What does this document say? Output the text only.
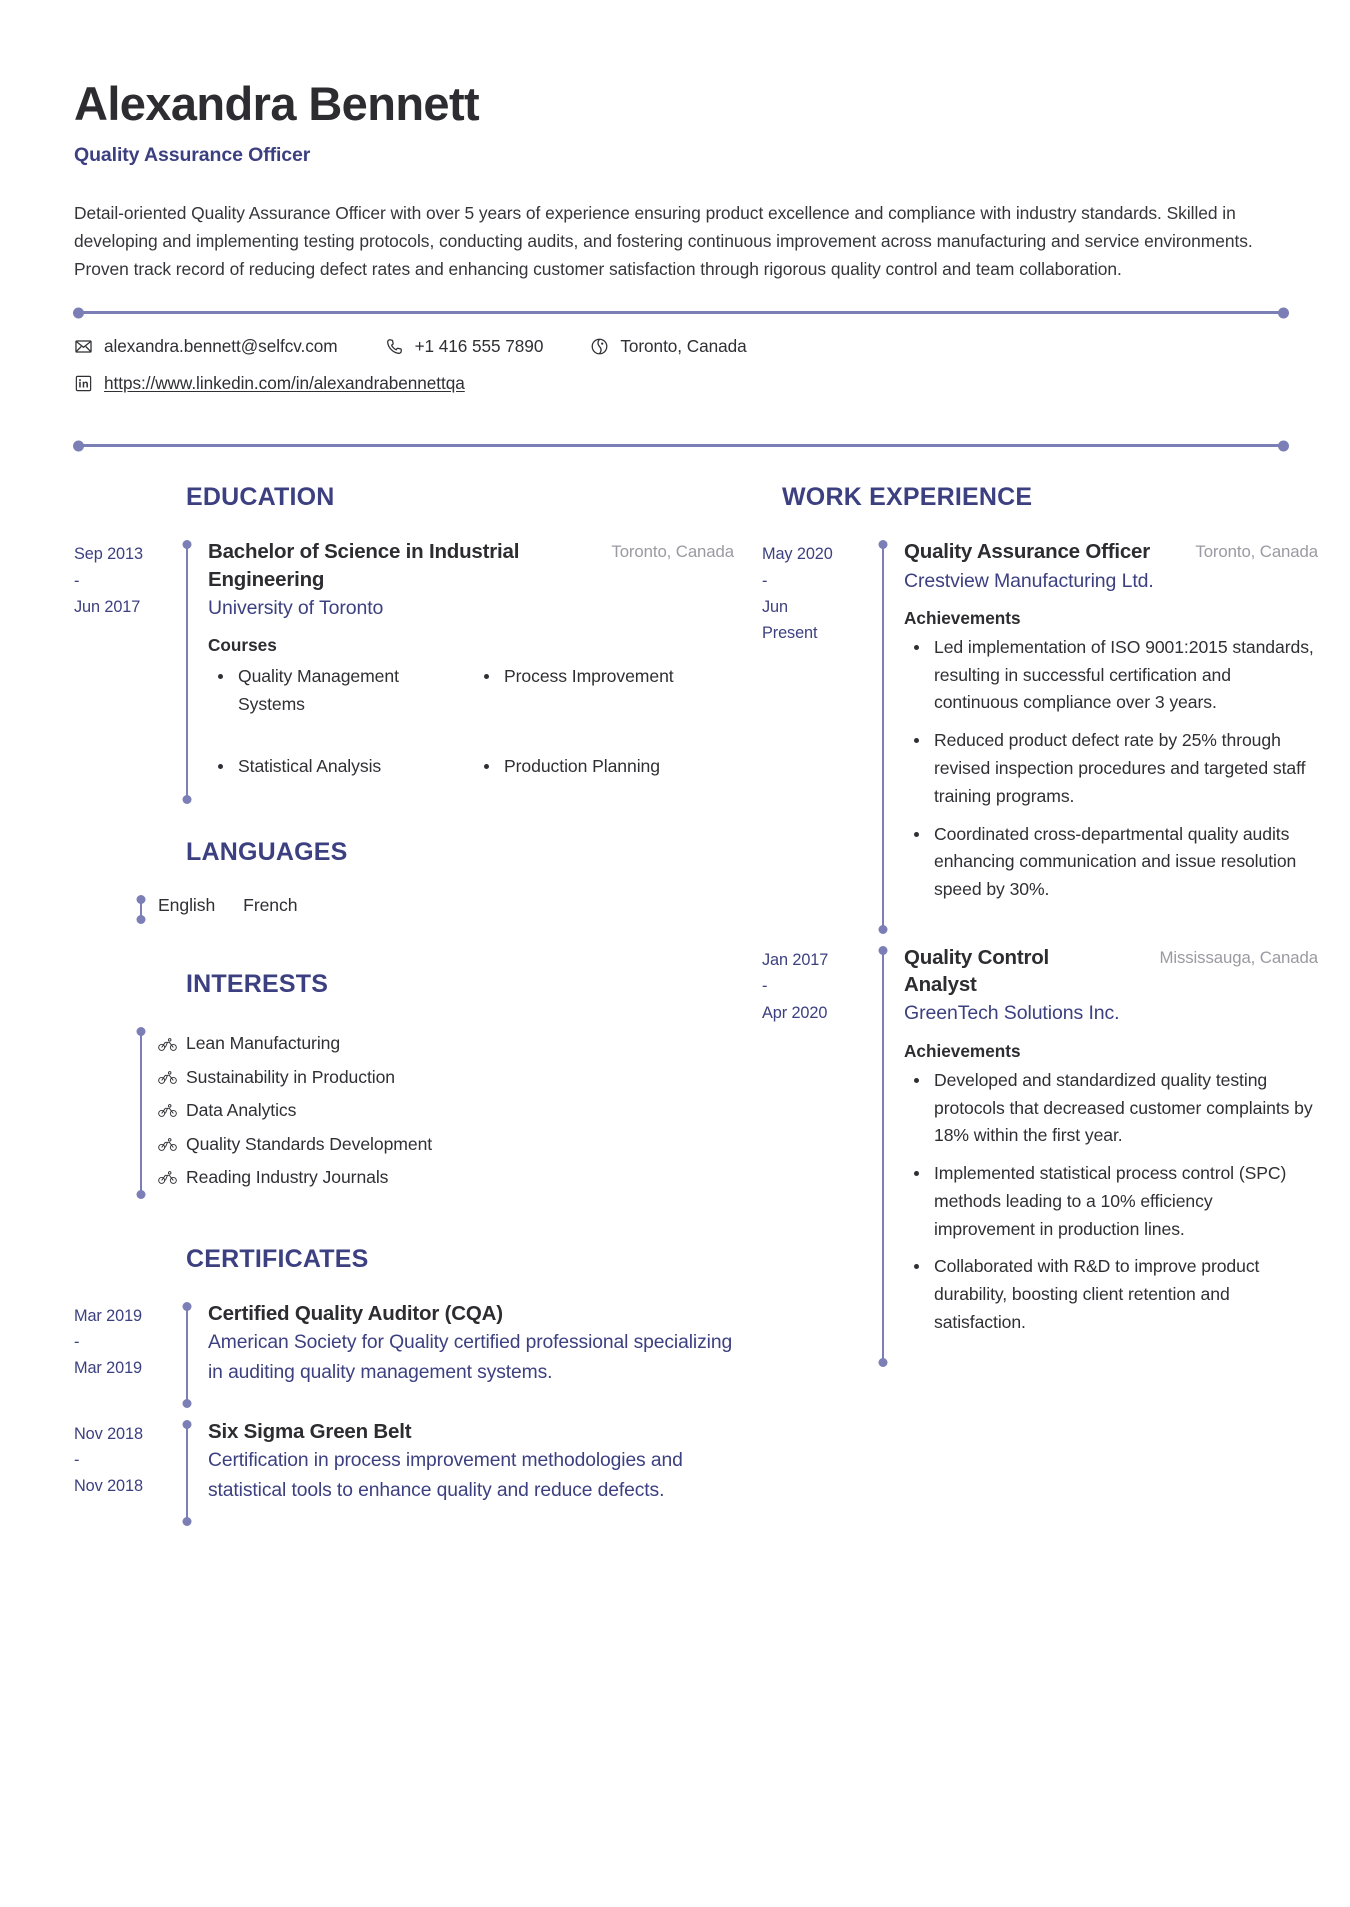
Alexandra Bennett
Quality Assurance Officer

Detail-oriented Quality Assurance Officer with over 5 years of experience ensuring product excellence and compliance with industry standards. Skilled in developing and implementing testing protocols, conducting audits, and fostering continuous improvement across manufacturing and service environments. Proven track record of reducing defect rates and enhancing customer satisfaction through rigorous quality control and team collaboration.

alexandra.bennett@selfcv.com	+1 416 555 7890	Toronto, Canada
https://www.linkedin.com/in/alexandrabennettqa
EDUCATION
Sep 2013
-
Jun 2017
Bachelor of Science in Industrial Engineering
Toronto, Canada
University of Toronto
Courses
Quality Management Systems
Process Improvement
Statistical Analysis	Production Planning
LANGUAGES
English French
INTERESTS
Lean Manufacturing
Sustainability in Production
Data Analytics
Quality Standards Development
Reading Industry Journals
CERTIFICATES
Mar 2019
-
Mar 2019
Certified Quality Auditor (CQA)
American Society for Quality certified professional specializing in auditing quality management systems.
Nov 2018
-
Nov 2018
Six Sigma Green Belt
Certification in process improvement methodologies and statistical tools to enhance quality and reduce defects.
WORK EXPERIENCE
May 2020
-
Jun
Present
Quality Assurance Officer	Toronto, Canada
Crestview Manufacturing Ltd.
Achievements
Led implementation of ISO 9001:2015 standards, resulting in successful certification and continuous compliance over 3 years.
Reduced product defect rate by 25% through revised inspection procedures and targeted staff training programs.
Coordinated cross-departmental quality audits enhancing communication and issue resolution speed by 30%.
Jan 2017
-
Apr 2020
Quality Control Analyst
Mississauga, Canada
GreenTech Solutions Inc.
Achievements
Developed and standardized quality testing protocols that decreased customer complaints by 18% within the first year.
Implemented statistical process control (SPC) methods leading to a 10% efficiency improvement in production lines.
Collaborated with R&D to improve product durability, boosting client retention and satisfaction.
